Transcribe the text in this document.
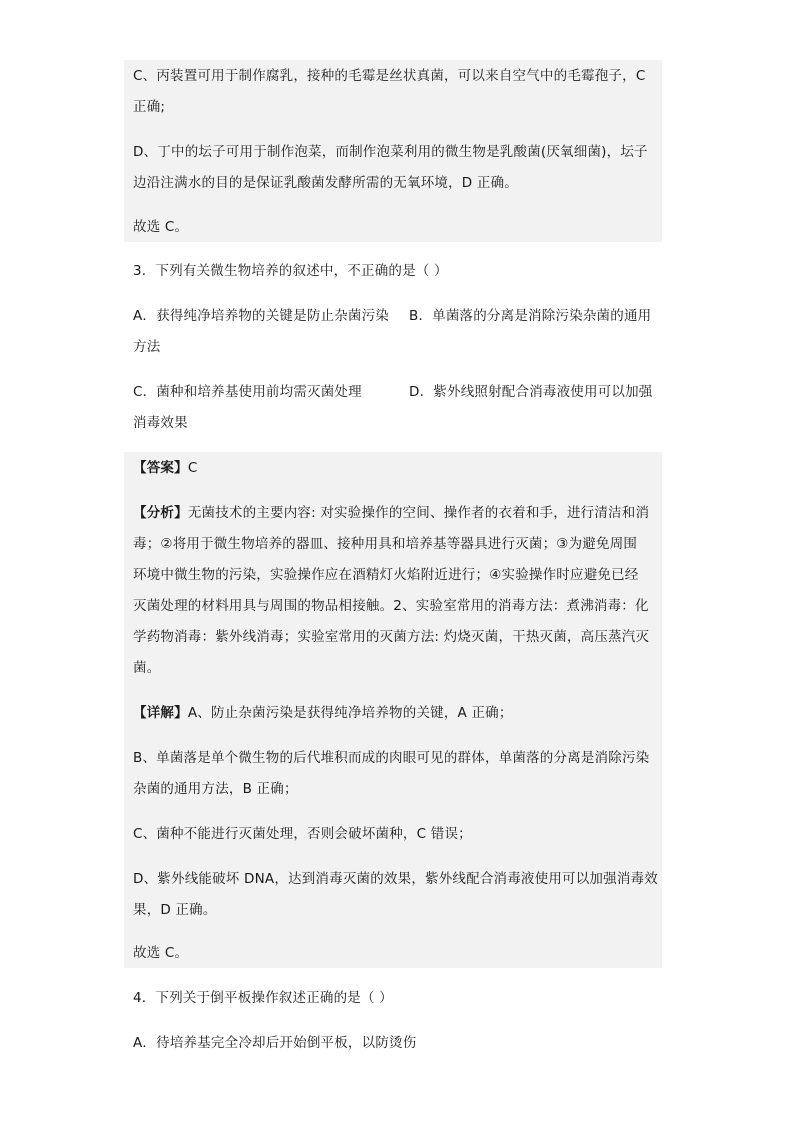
C、丙装置可用于制作腐乳，接种的毛霉是丝状真菌，可以来自空气中的毛霉孢子，C
正确;
D、丁中的坛子可用于制作泡菜，而制作泡菜利用的微生物是乳酸菌(厌氧细菌)，坛子
边沿注满水的目的是保证乳酸菌发酵所需的无氧环境，D 正确。
故选 C。
3．下列有关微生物培养的叙述中，不正确的是（ ）
A．获得纯净培养物的关键是防止杂菌污染 B．单菌落的分离是消除污染杂菌的通用
方法
C．菌种和培养基使用前均需灭菌处理	D．紫外线照射配合消毒液使用可以加强
消毒效果
【答案】C
【分析】无菌技术的主要内容: 对实验操作的空间、操作者的衣着和手，进行清洁和消
毒；②将用于微生物培养的器皿、接种用具和培养基等器具进行灭菌；③为避免周围
环境中微生物的污染，实验操作应在酒精灯火焰附近进行；④实验操作时应避免已经
灭菌处理的材料用具与周围的物品相接触。2、实验室常用的消毒方法：煮沸消毒：化
学药物消毒：紫外线消毒；实验室常用的灭菌方法: 灼烧灭菌，干热灭菌，高压蒸汽灭
菌。
【详解】A、防止杂菌污染是获得纯净培养物的关键，A 正确；
B、单菌落是单个微生物的后代堆积而成的肉眼可见的群体，单菌落的分离是消除污染
杂菌的通用方法，B 正确；
C、菌种不能进行灭菌处理，否则会破坏菌种，C 错误；
D、紫外线能破坏 DNA，达到消毒灭菌的效果，紫外线配合消毒液使用可以加强消毒效
果，D 正确。
故选 C。
4．下列关于倒平板操作叙述正确的是（ ）
A．待培养基完全冷却后开始倒平板，以防烫伤
